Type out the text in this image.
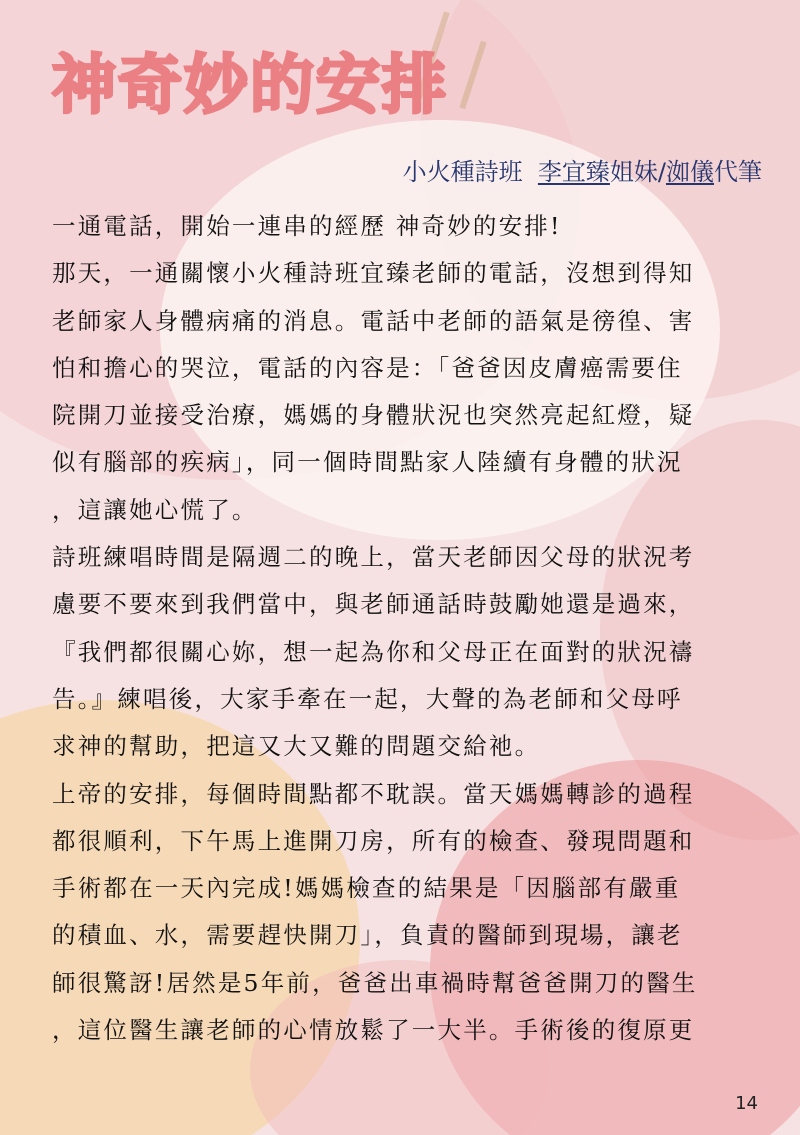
神奇妙的安排
小火種詩班 李宜臻姐妹/洳儀代筆
一通電話，開始一連串的經歷 神奇妙的安排!
那天，一通關懷小火種詩班宜臻老師的電話，沒想到得知
老師家人身體病痛的消息。電話中老師的語氣是徬徨、害
怕和擔心的哭泣，電話的內容是：「爸爸因皮膚癌需要住
院開刀並接受治療，媽媽的身體狀況也突然亮起紅燈，疑
似有腦部的疾病」，同一個時間點家人陸續有身體的狀況
，這讓她心慌了。
詩班練唱時間是隔週二的晚上，當天老師因父母的狀況考
慮要不要來到我們當中，與老師通話時鼓勵她還是過來，
『我們都很關心妳，想一起為你和父母正在面對的狀況禱
告。』練唱後，大家手牽在一起，大聲的為老師和父母呼
求神的幫助，把這又大又難的問題交給祂。
上帝的安排，每個時間點都不耽誤。當天媽媽轉診的過程
都很順利，下午馬上進開刀房，所有的檢查、發現問題和
手術都在一天內完成!媽媽檢查的結果是「因腦部有嚴重
的積血、水，需要趕快開刀」，負責的醫師到現場，讓老
師很驚訝!居然是5年前，爸爸出車禍時幫爸爸開刀的醫生
，這位醫生讓老師的心情放鬆了一大半。手術後的復原更
14
